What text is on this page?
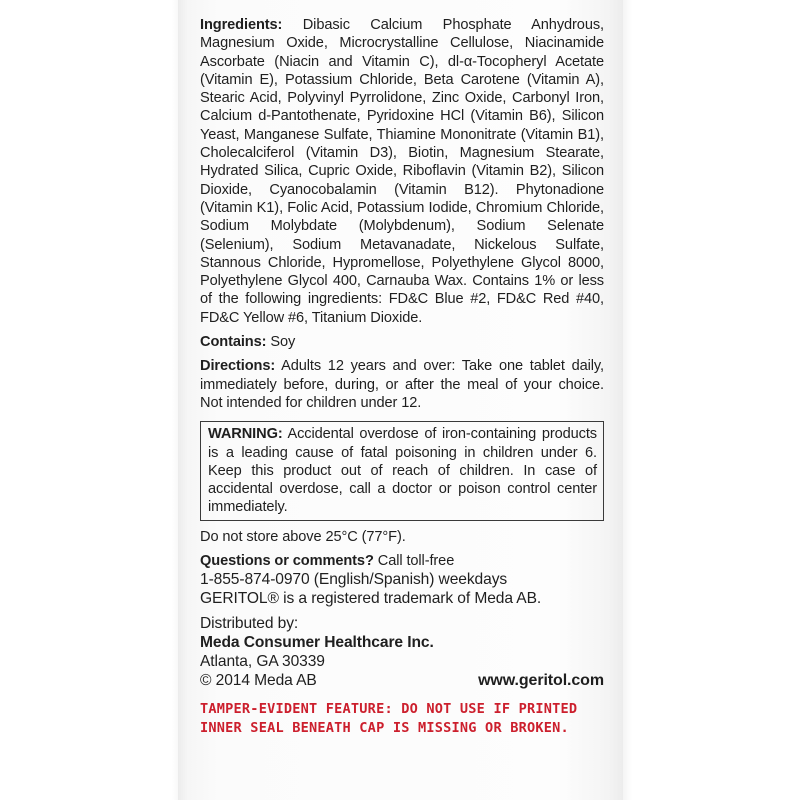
Ingredients: Dibasic Calcium Phosphate Anhydrous, Magnesium Oxide, Microcrystalline Cellulose, Niacinamide Ascorbate (Niacin and Vitamin C), dl-α-Tocopheryl Acetate (Vitamin E), Potassium Chloride, Beta Carotene (Vitamin A), Stearic Acid, Polyvinyl Pyrrolidone, Zinc Oxide, Carbonyl Iron, Calcium d-Pantothenate, Pyridoxine HCl (Vitamin B6), Silicon Yeast, Manganese Sulfate, Thiamine Mononitrate (Vitamin B1), Cholecalciferol (Vitamin D3), Biotin, Magnesium Stearate, Hydrated Silica, Cupric Oxide, Riboflavin (Vitamin B2), Silicon Dioxide, Cyanocobalamin (Vitamin B12). Phytonadione (Vitamin K1), Folic Acid, Potassium Iodide, Chromium Chloride, Sodium Molybdate (Molybdenum), Sodium Selenate (Selenium), Sodium Metavanadate, Nickelous Sulfate, Stannous Chloride, Hypromellose, Polyethylene Glycol 8000, Polyethylene Glycol 400, Carnauba Wax. Contains 1% or less of the following ingredients: FD&C Blue #2, FD&C Red #40, FD&C Yellow #6, Titanium Dioxide.

Contains: Soy

Directions: Adults 12 years and over: Take one tablet daily, immediately before, during, or after the meal of your choice. Not intended for children under 12.

WARNING: Accidental overdose of iron-containing products is a leading cause of fatal poisoning in children under 6. Keep this product out of reach of children. In case of accidental overdose, call a doctor or poison control center immediately.

Do not store above 25°C (77°F).

Questions or comments? Call toll-free

1-855-874-0970 (English/Spanish) weekdays

GERITOL® is a registered trademark of Meda AB.

Distributed by:

Meda Consumer Healthcare Inc.

Atlanta, GA 30339

© 2014 Meda AB	www.geritol.com
TAMPER-EVIDENT FEATURE: DO NOT USE IF PRINTED
INNER SEAL BENEATH CAP IS MISSING OR BROKEN.
